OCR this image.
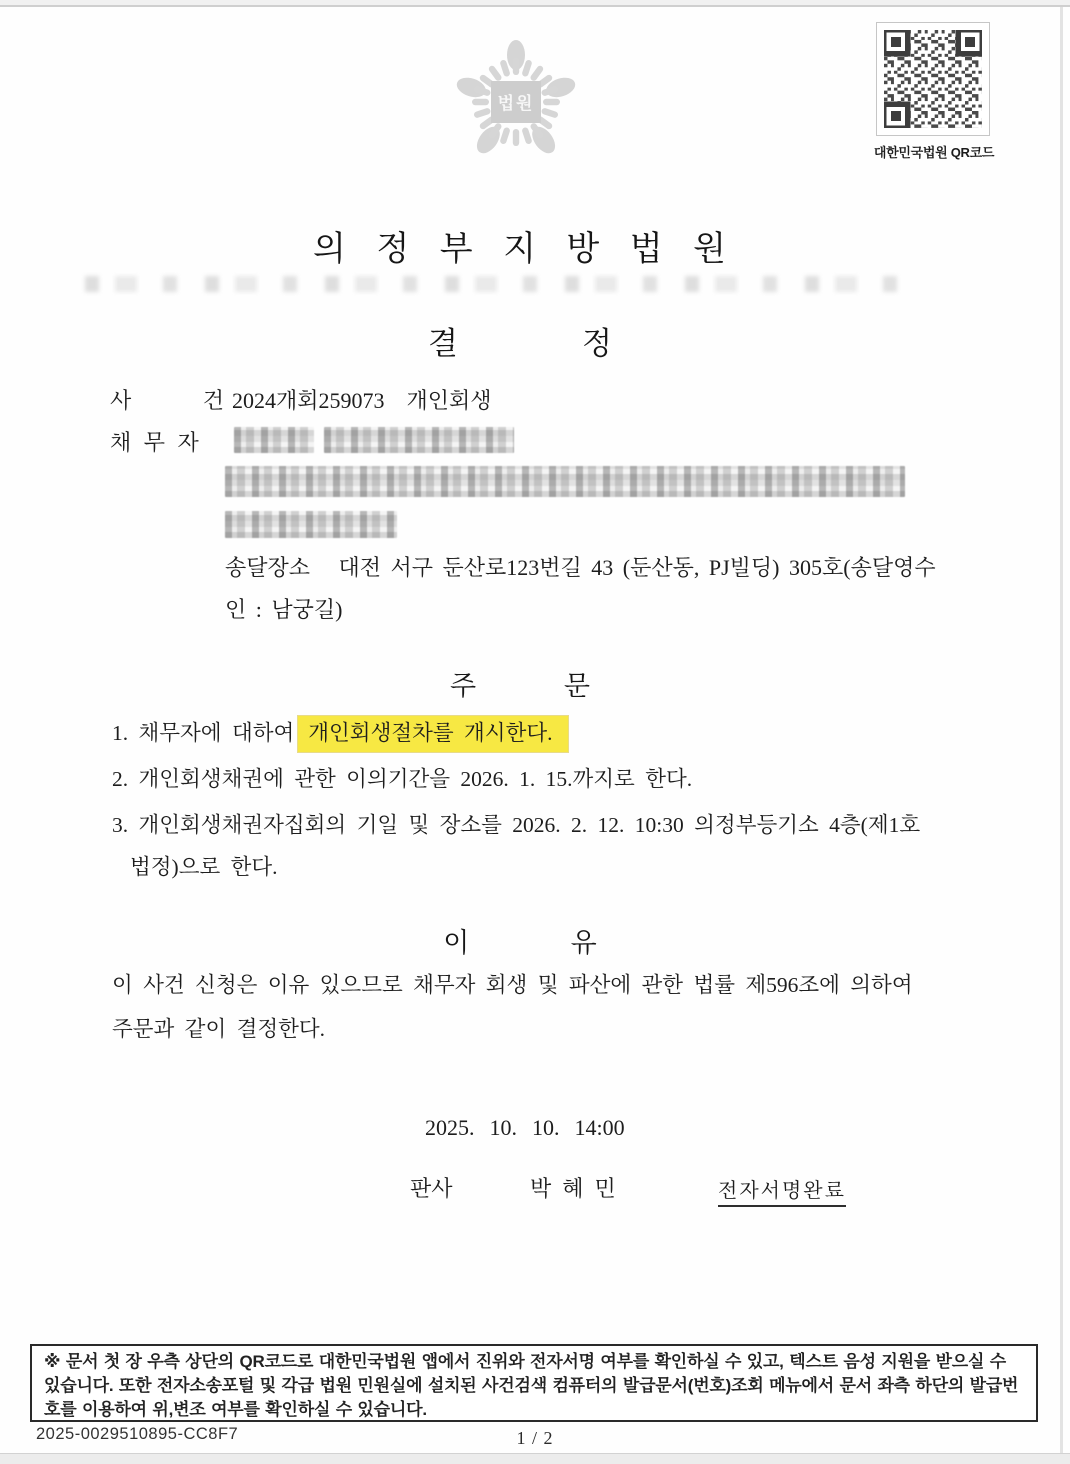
법원
대한민국법원 QR코드
의 정 부 지 방 법 원
결                정
사             건 2024개회259073    개인회생
채 무 자
송달장소   대전 서구 둔산로123번길 43 (둔산동, PJ빌딩) 305호(송달영수
인 : 남궁길)
주             문
1. 채무자에 대하여 개인회생절차를 개시한다.
2. 개인회생채권에 관한 이의기간을 2026. 1. 15.까지로 한다.
3. 개인회생채권자집회의 기일 및 장소를 2026. 2. 12. 10:30 의정부등기소 4층(제1호
법정)으로 한다.
이               유
이 사건 신청은 이유 있으므로 채무자 회생 및 파산에 관한 법률 제596조에 의하여
주문과 같이 결정한다.
2025.  10.  10.  14:00
판사	박  혜  민	전자서명완료

※ 문서 첫 장 우측 상단의 QR코드로 대한민국법원 앱에서 진위와 전자서명 여부를 확인하실 수 있고, 텍스트 음성 지원을 받으실 수 있습니다. 또한 전자소송포털 및 각급 법원 민원실에 설치된 사건검색 컴퓨터의 발급문서(번호)조회 메뉴에서 문서 좌측 하단의 발급번호를 이용하여 위,변조 여부를 확인하실 수 있습니다.

2025-0029510895-CC8F7	1 / 2
